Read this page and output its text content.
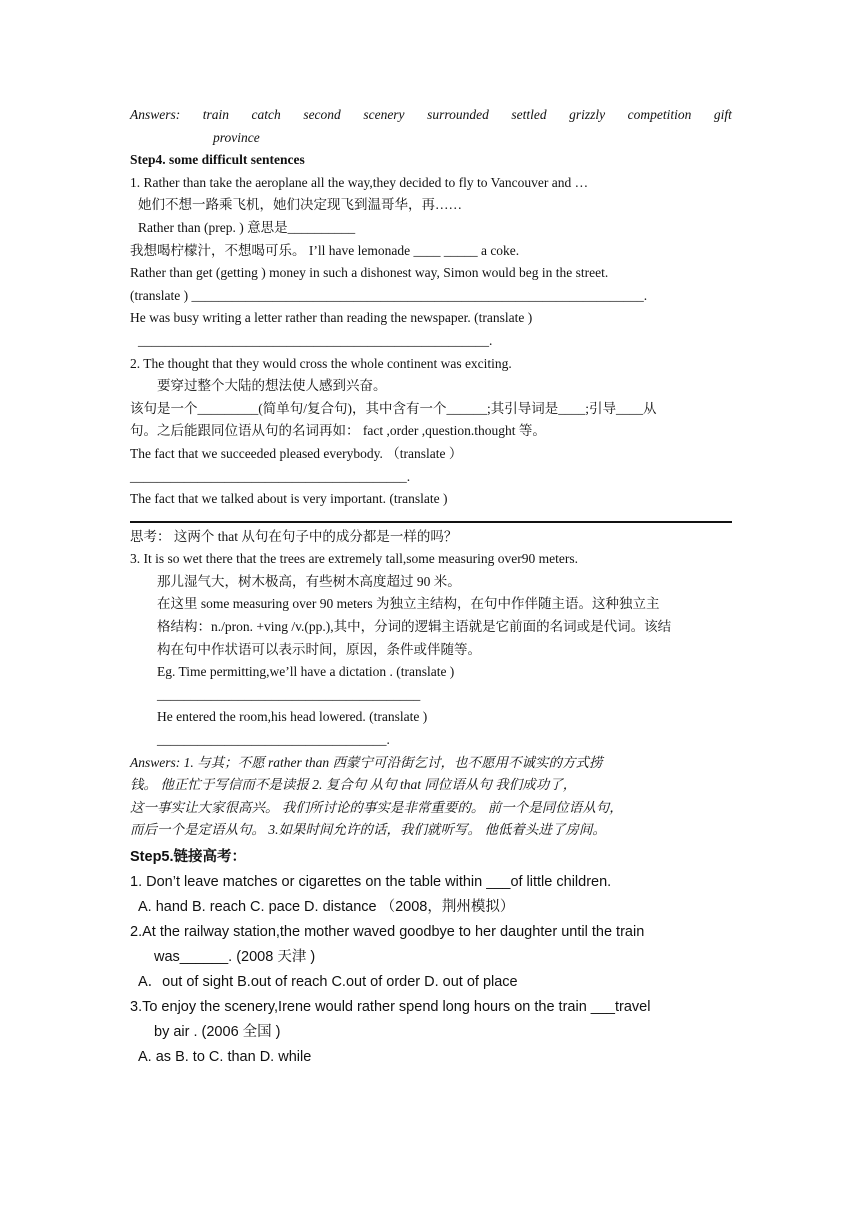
Answers: train catch second scenery surrounded settled grizzly competition gift
province
Step4. some difficult sentences
1. Rather than take the aeroplane all the way,they decided to fly to Vancouver and …
她们不想一路乘飞机，她们决定现飞到温哥华，再……
Rather than (prep. ) 意思是__________
我想喝柠檬汁，不想喝可乐。 I’ll have lemonade ____ _____ a coke.
Rather than get (getting ) money in such a dishonest way, Simon would beg in the street.
(translate ) ___________________________________________________________________.
He was busy writing a letter rather than reading the newspaper. (translate )
____________________________________________________.
2. The thought that they would cross the whole continent was exciting.
要穿过整个大陆的想法使人感到兴奋。
该句是一个_________(简单句/复合句)，其中含有一个______;其引导词是____;引导____从
句。之后能跟同位语从句的名词再如： fact ,order ,question.thought 等。
The fact that we succeeded pleased everybody. （translate ）
_________________________________________.
The fact that we talked about is very important. (translate )
思考： 这两个 that 从句在句子中的成分都是一样的吗？
3. It is so wet there that the trees are extremely tall,some measuring over90 meters.
那儿湿气大，树木极高，有些树木高度超过 90 米。
在这里 some measuring over 90 meters 为独立主结构，在句中作伴随主语。这种独立主
格结构：n./pron. +ving /v.(pp.),其中，分词的逻辑主语就是它前面的名词或是代词。该结
构在句中作状语可以表示时间，原因，条件或伴随等。
Eg. Time permitting,we’ll have a dictation . (translate )
_______________________________________
He entered the room,his head lowered. (translate )
__________________________________.
Answers: 1. 与其；不愿 rather than 西蒙宁可沿街乞讨，也不愿用不诚实的方式捞
钱。 他正忙于写信而不是读报 2. 复合句 从句 that 同位语从句 我们成功了，
这一事实让大家很高兴。 我们所讨论的事实是非常重要的。 前一个是同位语从句，
而后一个是定语从句。 3.如果时间允许的话，我们就听写。 他低着头进了房间。
Step5.链接高考：
1. Don’t leave matches or cigarettes on the table within ___of little children.
A. hand B. reach C. pace D. distance （2008，荆州模拟）
2.At the railway station,the mother waved goodbye to her daughter until the train
was______. (2008 天津 )
A．out of sight B.out of reach C.out of order D. out of place
3.To enjoy the scenery,Irene would rather spend long hours on the train ___travel
by air . (2006 全国 )
A. as B. to C. than D. while
